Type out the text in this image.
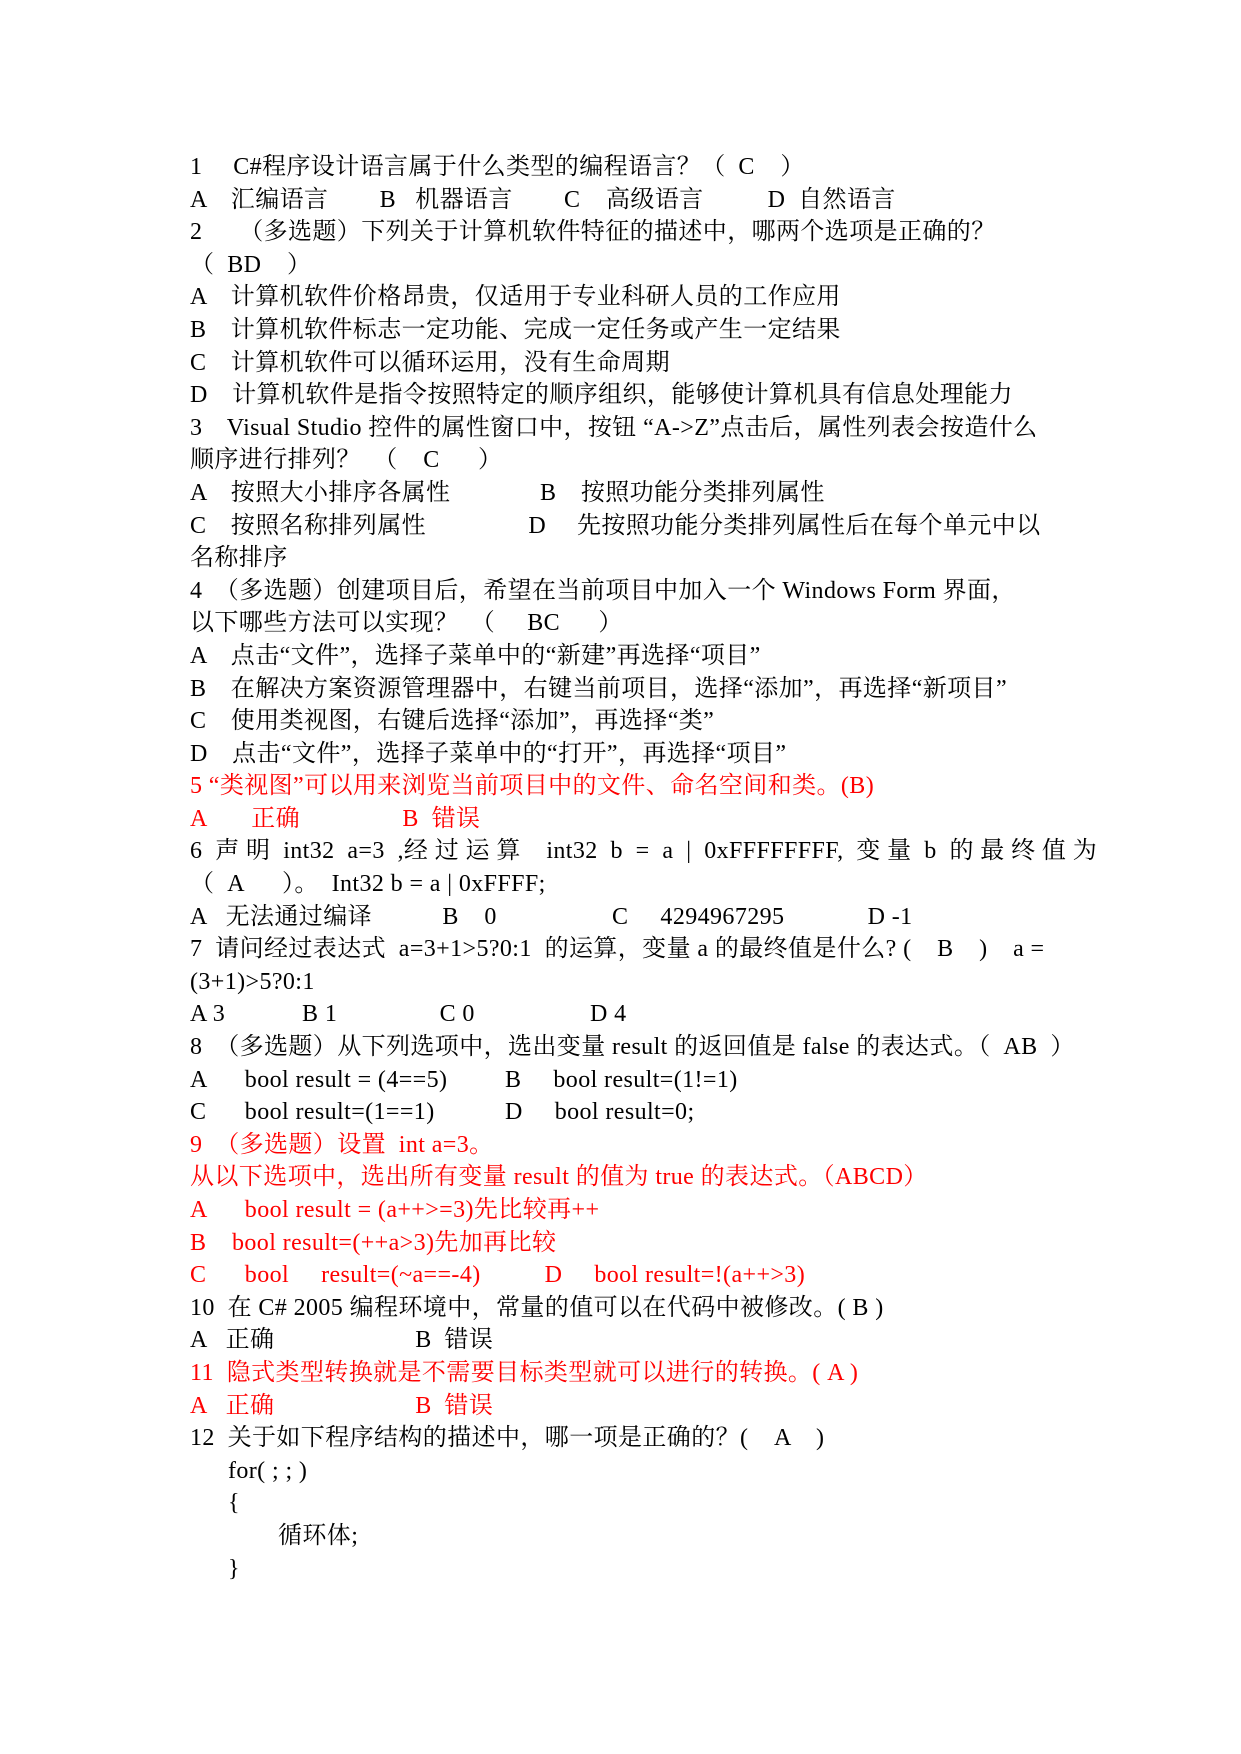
1　 C#程序设计语言属于什么类型的编程语言？（  C    ）
A　汇编语言        B   机器语言        C    高级语言          D  自然语言
2　　（多选题）下列关于计算机软件特征的描述中，哪两个选项是正确的？
（  BD    ）
A　计算机软件价格昂贵，仅适用于专业科研人员的工作应用
B　计算机软件标志一定功能、完成一定任务或产生一定结果
C　计算机软件可以循环运用，没有生命周期
D　计算机软件是指令按照特定的顺序组织，能够使计算机具有信息处理能力
3　Visual Studio 控件的属性窗口中，按钮 “A->Z”点击后，属性列表会按造什么
顺序进行排列？　（    C      ）
A　按照大小排序各属性              B　按照功能分类排列属性
C　按照名称排列属性                D　 先按照功能分类排列属性后在每个单元中以
名称排序
4　（多选题）创建项目后，希望在当前项目中加入一个 Windows Form 界面，
以下哪些方法可以实现？　（     BC      ）
A　点击“文件”，选择子菜单中的“新建”再选择“项目”
B　在解决方案资源管理器中，右键当前项目，选择“添加”，再选择“新项目”
C　使用类视图，右键后选择“添加”，再选择“类”
D　点击“文件”，选择子菜单中的“打开”，再选择“项目”
5 “类视图”可以用来浏览当前项目中的文件、命名空间和类。(B)
A       正确                B  错误
6  声 明  int32  a=3  ,经 过 运 算    int32  b  =  a  |  0xFFFFFFFF,  变 量  b  的 最 终 值 为
（  A      ）。  Int32 b = a | 0xFFFF;
A   无法通过编译           B    0                  C     4294967295             D -1
7  请问经过表达式  a=3+1>5?0:1  的运算，变量 a 的最终值是什么? (    B    )    a =
(3+1)>5?0:1
A 3            B 1                C 0                  D 4
8  （多选题）从下列选项中，选出变量 result 的返回值是 false 的表达式。（  AB  ）
A      bool result = (4==5)         B     bool result=(1!=1)
C      bool result=(1==1)           D     bool result=0;
9  （多选题）设置  int a=3。
从以下选项中，选出所有变量 result 的值为 true 的表达式。（ABCD）
A      bool result = (a++>=3)先比较再++
B    bool result=(++a>3)先加再比较
C      bool     result=(~a==-4)          D     bool result=!(a++>3)
10  在 C# 2005 编程环境中，常量的值可以在代码中被修改。( B )
A   正确                      B  错误
11  隐式类型转换就是不需要目标类型就可以进行的转换。( A )
A   正确                      B  错误
12  关于如下程序结构的描述中，哪一项是正确的？(    A    )
for( ; ; )
{
循环体;
}
